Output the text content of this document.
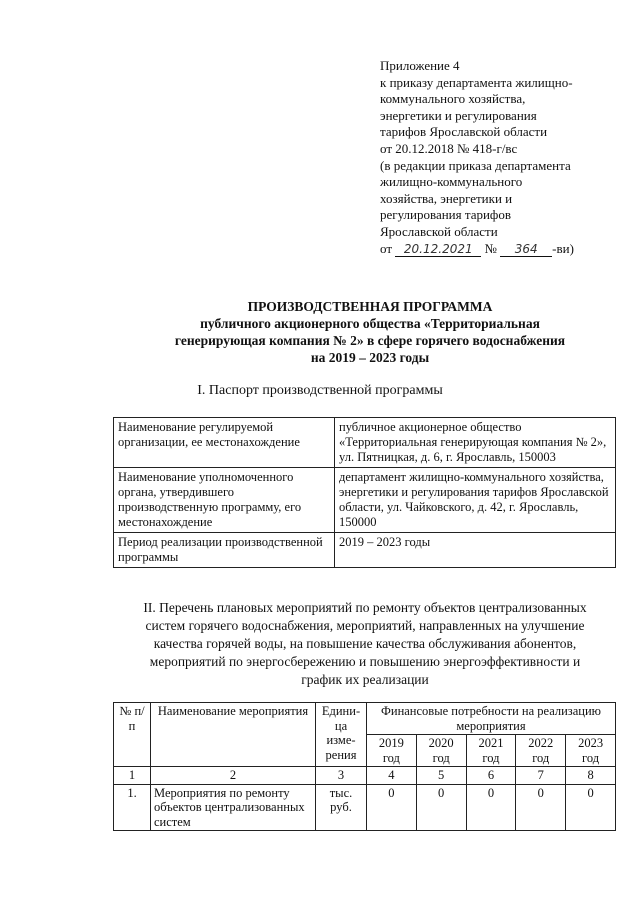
Приложение 4
к приказу департамента жилищно-
коммунального хозяйства,
энергетики и регулирования
тарифов Ярославской области
от 20.12.2018 № 418-г/вс
(в редакции приказа департамента
жилищно-коммунального
хозяйства, энергетики и
регулирования тарифов
Ярославской области
от 20.12.2021 № 364 -ви)
ПРОИЗВОДСТВЕННАЯ ПРОГРАММА
публичного акционерного общества «Территориальная
генерирующая компания № 2» в сфере горячего водоснабжения
на 2019 – 2023 годы
I. Паспорт производственной программы
Наименование регулируемой организации, ее местонахождение	публичное акционерное общество «Территориальная генерирующая компания № 2», ул. Пятницкая, д. 6, г. Ярославль, 150003
Наименование уполномоченного органа, утвердившего производственную программу, его местонахождение	департамент жилищно-коммунального хозяйства, энергетики и регулирования тарифов Ярославской области, ул. Чайковского, д. 42, г. Ярославль, 150000
Период реализации производственной программы	2019 – 2023 годы
II. Перечень плановых мероприятий по ремонту объектов централизованных
систем горячего водоснабжения, мероприятий, направленных на улучшение
качества горячей воды, на повышение качества обслуживания абонентов,
мероприятий по энергосбережению и повышению энергоэффективности и
график их реализации
№ п/п	Наименование мероприятия	Едини-ца изме-рения	Финансовые потребности на реализацию мероприятия				
			2019 год	2020 год	2021 год	2022 год	2023 год
1	2	3	4	5	6	7	8
1.	Мероприятия по ремонту объектов централизованных систем	тыс. руб.	0	0	0	0	0
